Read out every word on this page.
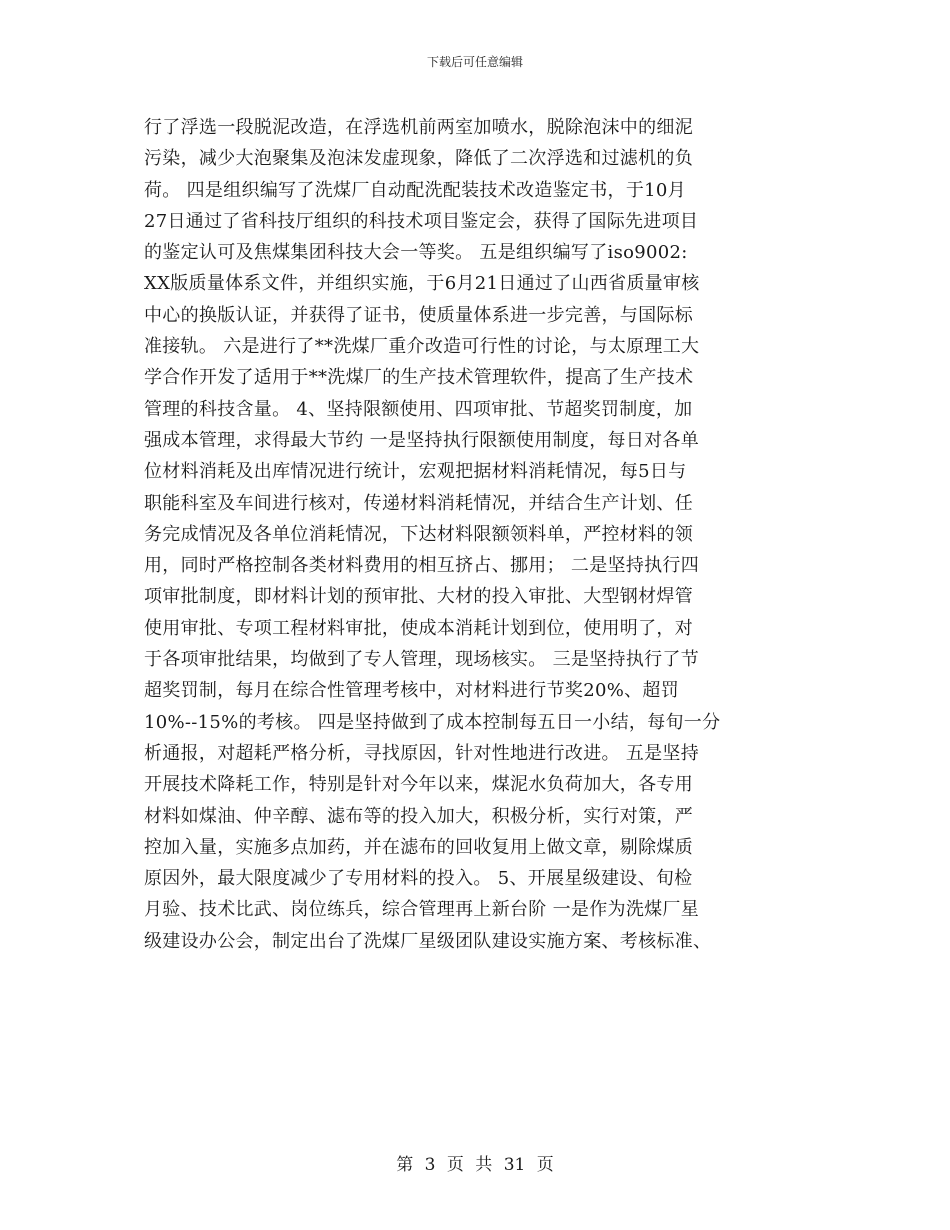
下载后可任意编辑
行了浮选一段脱泥改造，在浮选机前两室加喷水，脱除泡沫中的细泥
污染，减少大泡聚集及泡沫发虚现象，降低了二次浮选和过滤机的负
荷。 四是组织编写了洗煤厂自动配洗配装技术改造鉴定书，于10月
27日通过了省科技厅组织的科技术项目鉴定会，获得了国际先进项目
的鉴定认可及焦煤集团科技大会一等奖。 五是组织编写了iso9002:
XX版质量体系文件，并组织实施，于6月21日通过了山西省质量审核
中心的换版认证，并获得了证书，使质量体系进一步完善，与国际标
准接轨。 六是进行了**洗煤厂重介改造可行性的讨论，与太原理工大
学合作开发了适用于**洗煤厂的生产技术管理软件，提高了生产技术
管理的科技含量。 4、坚持限额使用、四项审批、节超奖罚制度，加
强成本管理，求得最大节约 一是坚持执行限额使用制度，每日对各单
位材料消耗及出库情况进行统计，宏观把据材料消耗情况，每5日与
职能科室及车间进行核对，传递材料消耗情况，并结合生产计划、任
务完成情况及各单位消耗情况，下达材料限额领料单，严控材料的领
用，同时严格控制各类材料费用的相互挤占、挪用； 二是坚持执行四
项审批制度，即材料计划的预审批、大材的投入审批、大型钢材焊管
使用审批、专项工程材料审批，使成本消耗计划到位，使用明了，对
于各项审批结果，均做到了专人管理，现场核实。 三是坚持执行了节
超奖罚制，每月在综合性管理考核中，对材料进行节奖20%、超罚
10%--15%的考核。 四是坚持做到了成本控制每五日一小结，每旬一分
析通报，对超耗严格分析，寻找原因，针对性地进行改进。 五是坚持
开展技术降耗工作，特别是针对今年以来，煤泥水负荷加大，各专用
材料如煤油、仲辛醇、滤布等的投入加大，积极分析，实行对策，严
控加入量，实施多点加药，并在滤布的回收复用上做文章，剔除煤质
原因外，最大限度减少了专用材料的投入。 5、开展星级建设、旬检
月验、技术比武、岗位练兵，综合管理再上新台阶 一是作为洗煤厂星
级建设办公会，制定出台了洗煤厂星级团队建设实施方案、考核标准、
第 3 页 共 31 页
